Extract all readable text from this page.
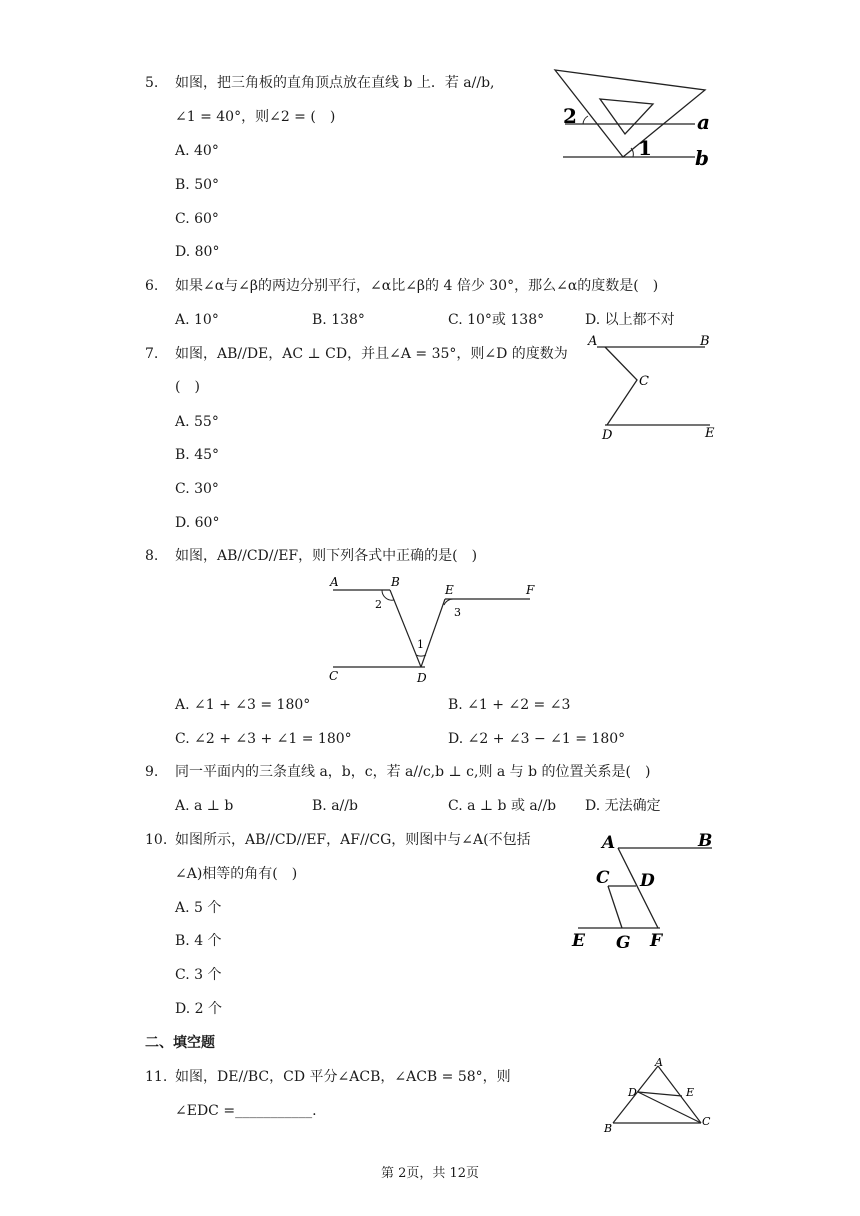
5. 如图，把三角板的直角顶点放在直线 b 上．若 a//b,
∠1 = 40°，则∠2 = (　)
A. 40°
B. 50°
C. 60°
D. 80°
2
1
a
b
6. 如果∠α与∠β的两边分别平行，∠α比∠β的 4 倍少 30°，那么∠α的度数是(　)
A. 10°	B. 138°	C. 10°或 138°	D. 以上都不对
7. 如图，AB//DE，AC ⊥ CD，并且∠A = 35°，则∠D 的度数为
(　)
A. 55°
B. 45°
C. 30°
D. 60°
A	B
C
D	E
8. 如图，AB//CD//EF，则下列各式中正确的是(　)
A	B
E	F
C	D
1
2
3
A. ∠1 + ∠3 = 180°	B. ∠1 + ∠2 = ∠3
C. ∠2 + ∠3 + ∠1 = 180°	D. ∠2 + ∠3 − ∠1 = 180°
9. 同一平面内的三条直线 a，b，c，若 a//c,b ⊥ c,则 a 与 b 的位置关系是(　)
A. a ⊥ b	B. a//b	C. a ⊥ b 或 a//b D. 无法确定
10. 如图所示，AB//CD//EF，AF//CG，则图中与∠A(不包括
∠A)相等的角有(　)
A. 5 个
B. 4 个
C. 3 个
D. 2 个
A	B
C D
E G F
二、填空题
11. 如图，DE//BC，CD 平分∠ACB，∠ACB = 58°，则
∠EDC =___________.
A
D	E
B
C
第 2页，共 12页
